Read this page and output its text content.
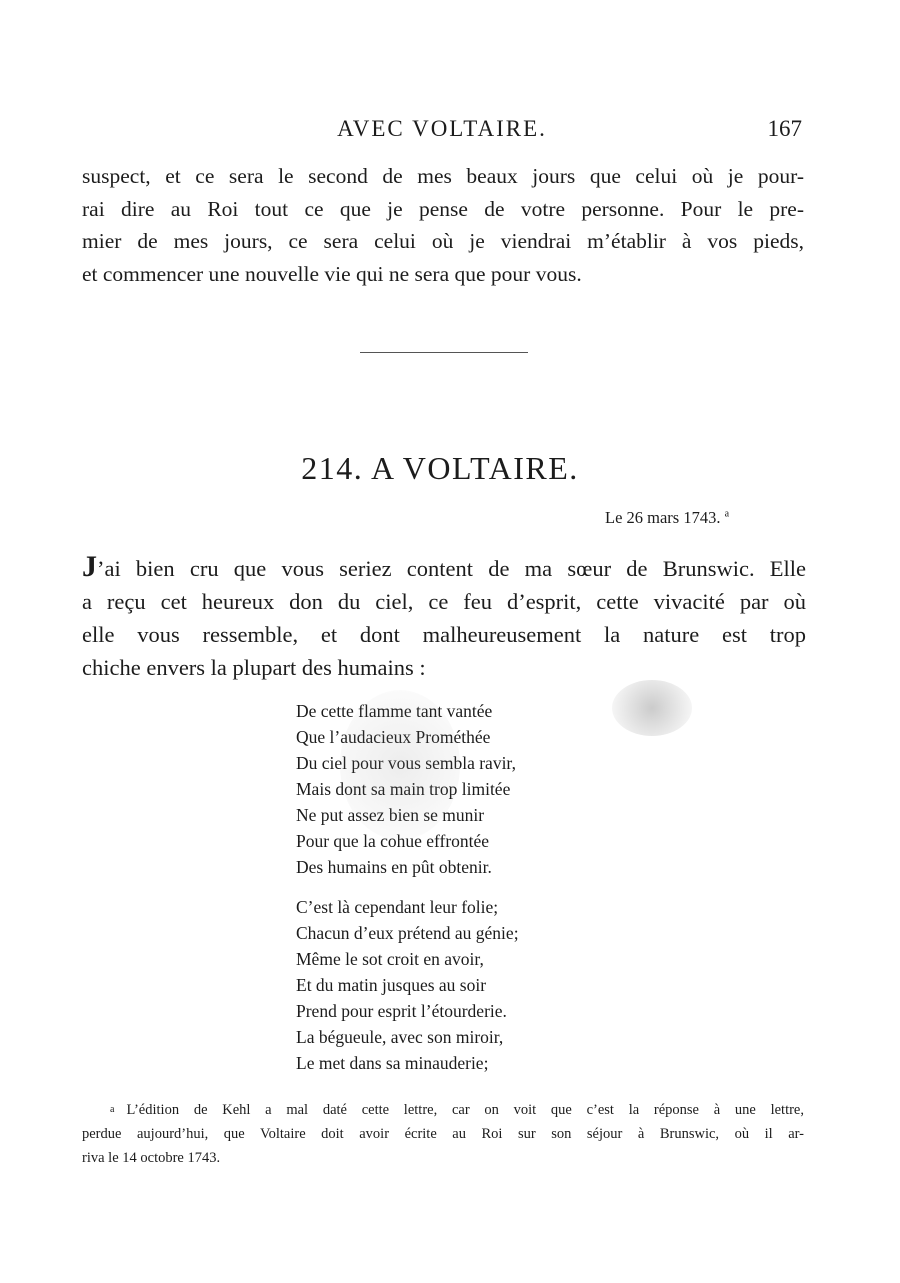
AVEC VOLTAIRE.	167

suspect, et ce sera le second de mes beaux jours que celui où je pour-
rai dire au Roi tout ce que je pense de votre personne. Pour le pre-
mier de mes jours, ce sera celui où je viendrai m’établir à vos pieds,
et commencer une nouvelle vie qui ne sera que pour vous.

214. A VOLTAIRE.
Le 26 mars 1743. $^a$

J’ai bien cru que vous seriez content de ma sœur de Brunswic. Elle
a reçu cet heureux don du ciel, ce feu d’esprit, cette vivacité par où
elle vous ressemble, et dont malheureusement la nature est trop
chiche envers la plupart des humains :

De cette flamme tant vantée
Que l’audacieux Prométhée
Du ciel pour vous sembla ravir,
Mais dont sa main trop limitée
Ne put assez bien se munir
Pour que la cohue effrontée
Des humains en pût obtenir.
C’est là cependant leur folie;
Chacun d’eux prétend au génie;
Même le sot croit en avoir,
Et du matin jusques au soir
Prend pour esprit l’étourderie.
La bégueule, avec son miroir,
Le met dans sa minauderie;

a L’édition de Kehl a mal daté cette lettre, car on voit que c’est la réponse à une lettre,
perdue aujourd’hui, que Voltaire doit avoir écrite au Roi sur son séjour à Brunswic, où il ar-
riva le 14 octobre 1743.
